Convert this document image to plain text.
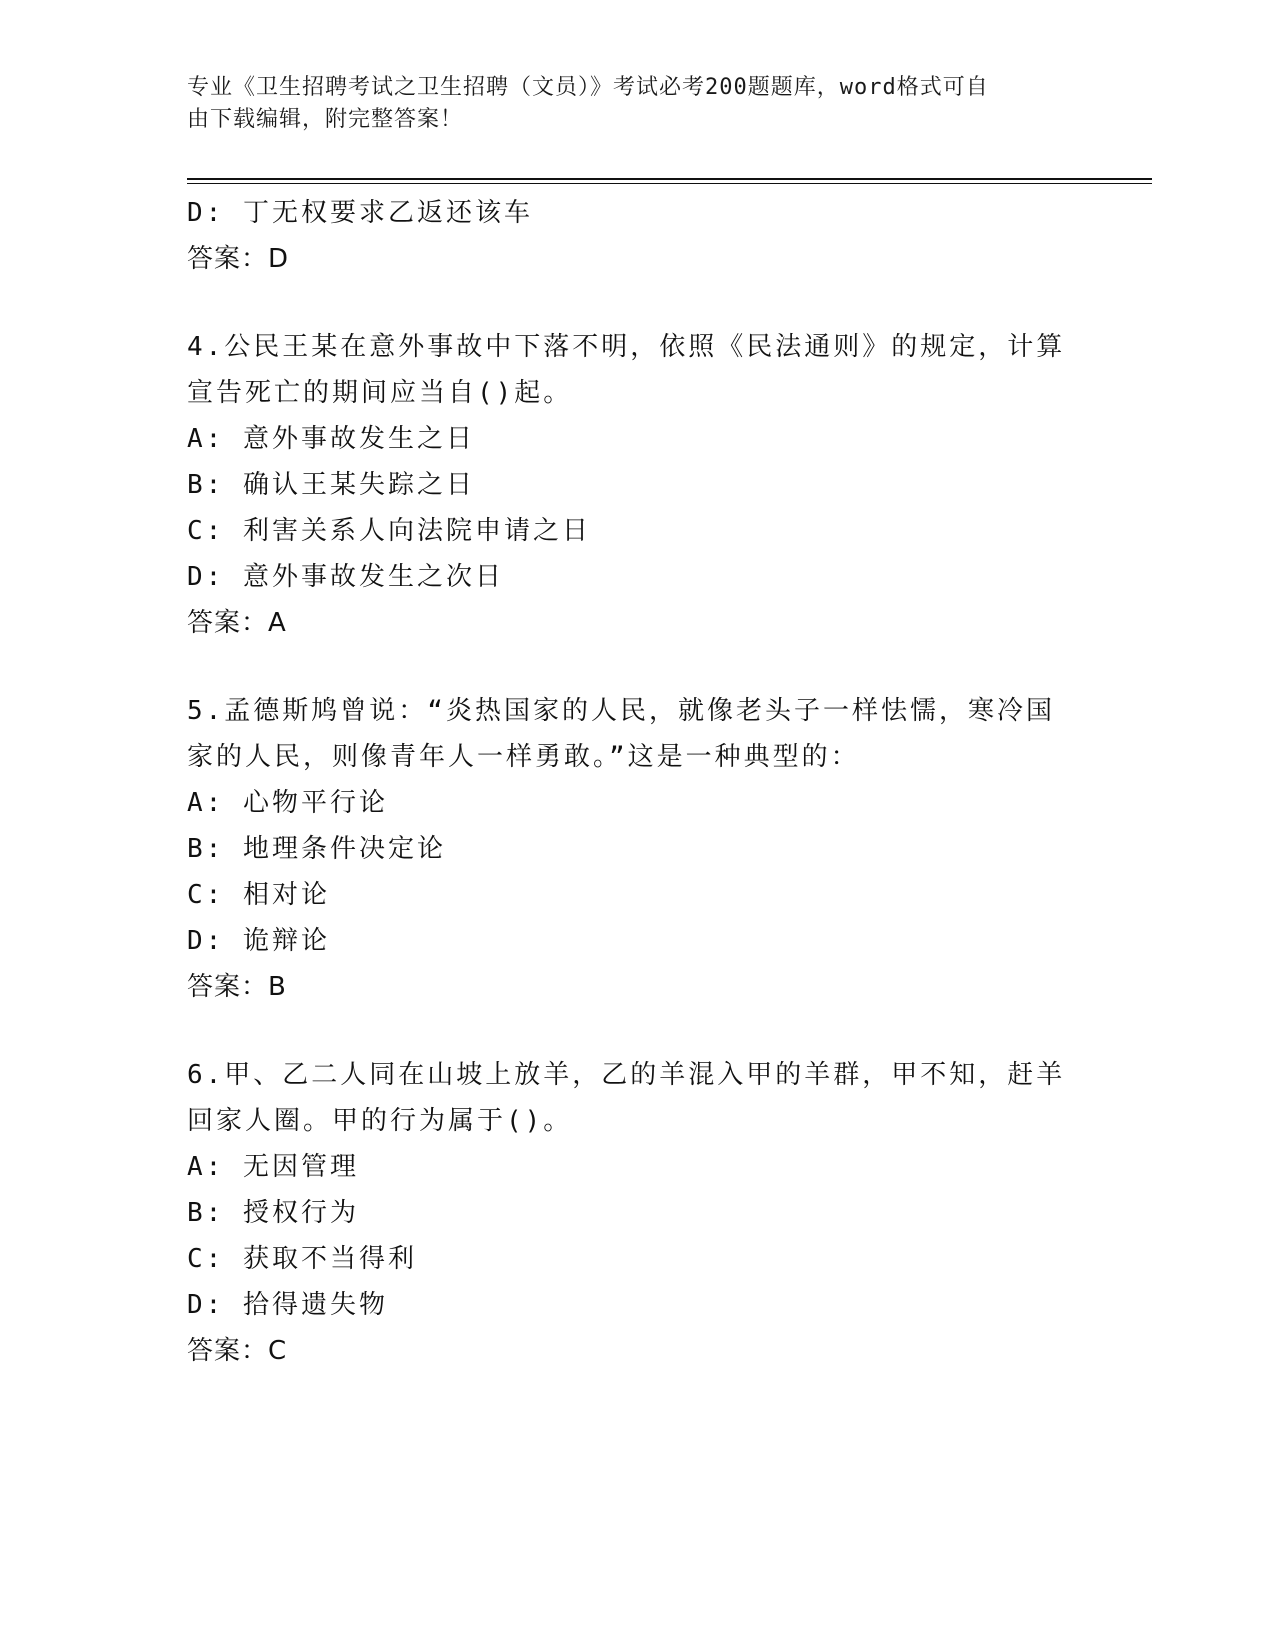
专业《卫生招聘考试之卫生招聘（文员）》考试必考200题题库，word格式可自
由下载编辑，附完整答案！
D: 丁无权要求乙返还该车
答案：D
4.公民王某在意外事故中下落不明，依照《民法通则》的规定，计算
宣告死亡的期间应当自()起。
A: 意外事故发生之日
B: 确认王某失踪之日
C: 利害关系人向法院申请之日
D: 意外事故发生之次日
答案：A
5.孟德斯鸠曾说：“炎热国家的人民，就像老头子一样怯懦，寒冷国
家的人民，则像青年人一样勇敢。”这是一种典型的：
A: 心物平行论
B: 地理条件决定论
C: 相对论
D: 诡辩论
答案：B
6.甲、乙二人同在山坡上放羊，乙的羊混入甲的羊群，甲不知，赶羊
回家人圈。甲的行为属于()。
A: 无因管理
B: 授权行为
C: 获取不当得利
D: 拾得遗失物
答案：C
